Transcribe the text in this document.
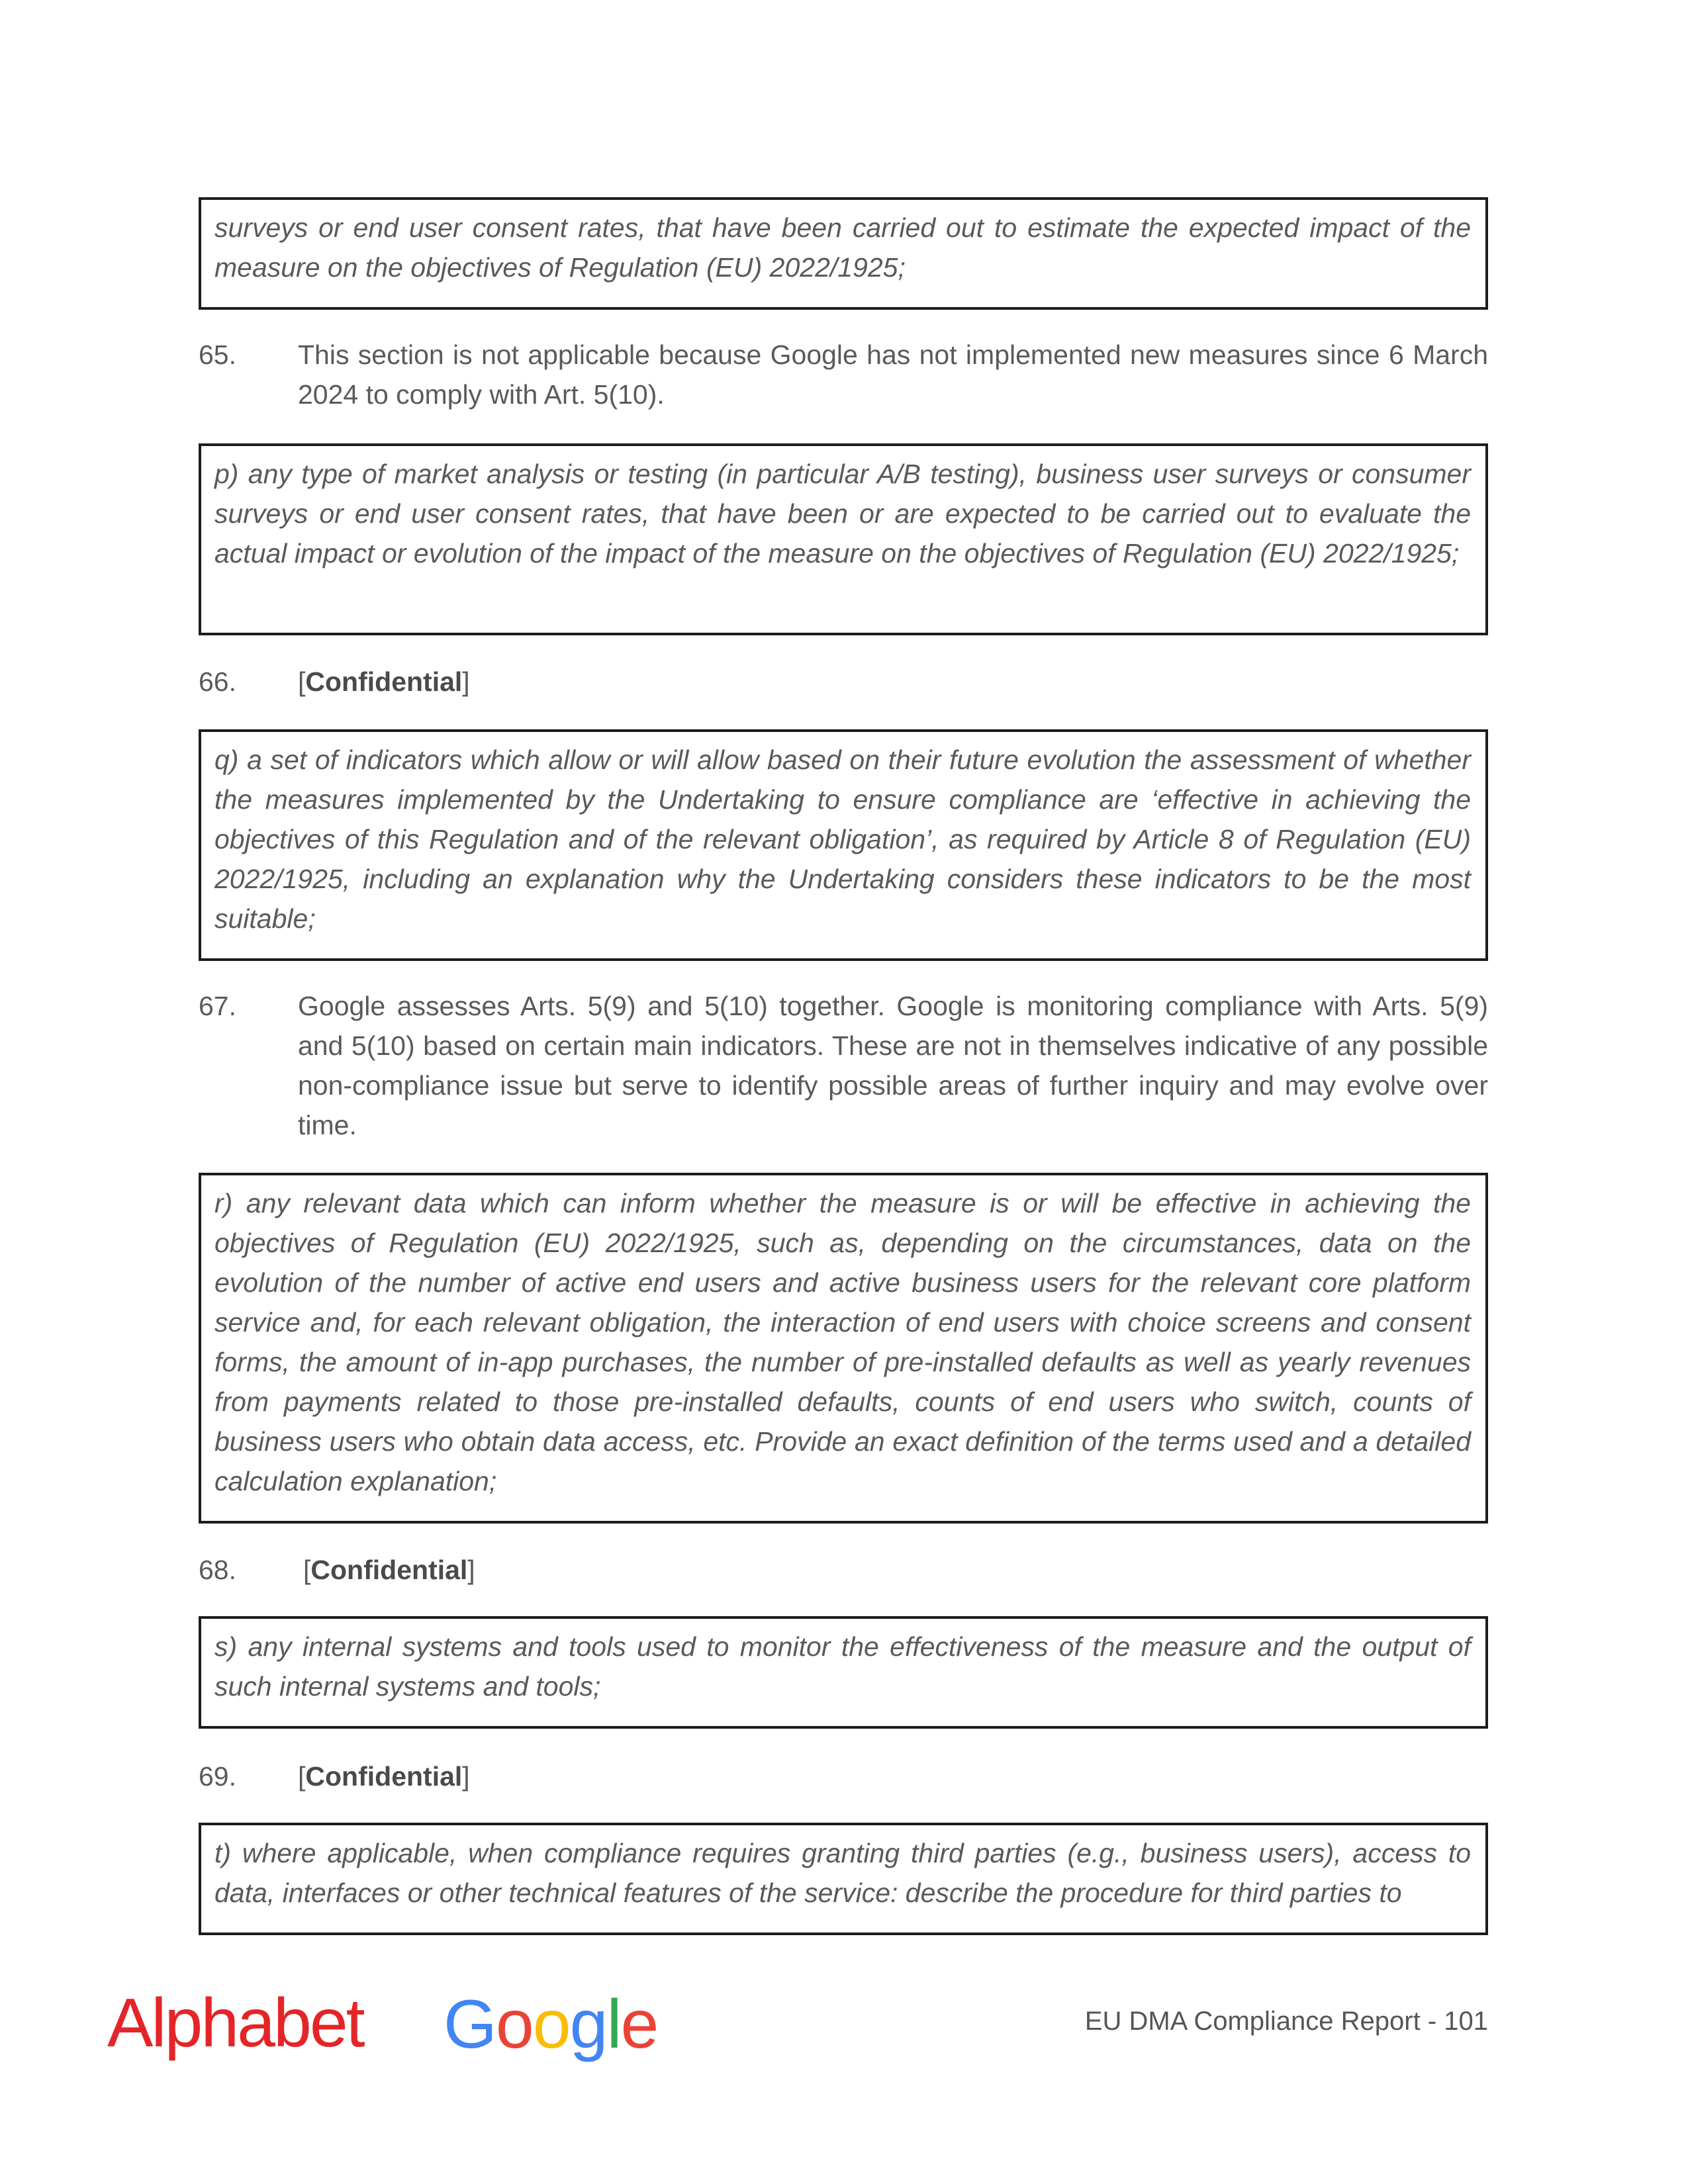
surveys or end user consent rates, that have been carried out to estimate the expected impact of the measure on the objectives of Regulation (EU) 2022/1925;

65. This section is not applicable because Google has not implemented new measures since 6 March 2024 to comply with Art. 5(10).

p) any type of market analysis or testing (in particular A/B testing), business user surveys or consumer surveys or end user consent rates, that have been or are expected to be carried out to evaluate the actual impact or evolution of the impact of the measure on the objectives of Regulation (EU) 2022/1925;

66. [Confidential]

q) a set of indicators which allow or will allow based on their future evolution the assessment of whether the measures implemented by the Undertaking to ensure compliance are ‘effective in achieving the objectives of this Regulation and of the relevant obligation’, as required by Article 8 of Regulation (EU) 2022/1925, including an explanation why the Undertaking considers these indicators to be the most suitable;

67. Google assesses Arts. 5(9) and 5(10) together. Google is monitoring compliance with Arts. 5(9) and 5(10) based on certain main indicators. These are not in themselves indicative of any possible non-compliance issue but serve to identify possible areas of further inquiry and may evolve over time.

r) any relevant data which can inform whether the measure is or will be effective in achieving the objectives of Regulation (EU) 2022/1925, such as, depending on the circumstances, data on the evolution of the number of active end users and active business users for the relevant core platform service and, for each relevant obligation, the interaction of end users with choice screens and consent forms, the amount of in-app purchases, the number of pre-installed defaults as well as yearly revenues from payments related to those pre-installed defaults, counts of end users who switch, counts of business users who obtain data access, etc. Provide an exact definition of the terms used and a detailed calculation explanation;

68. [Confidential]

s) any internal systems and tools used to monitor the effectiveness of the measure and the output of such internal systems and tools;

69. [Confidential]

t) where applicable, when compliance requires granting third parties (e.g., business users), access to data, interfaces or other technical features of the service: describe the procedure for third parties to

Alphabet Google	EU DMA Compliance Report - 101
